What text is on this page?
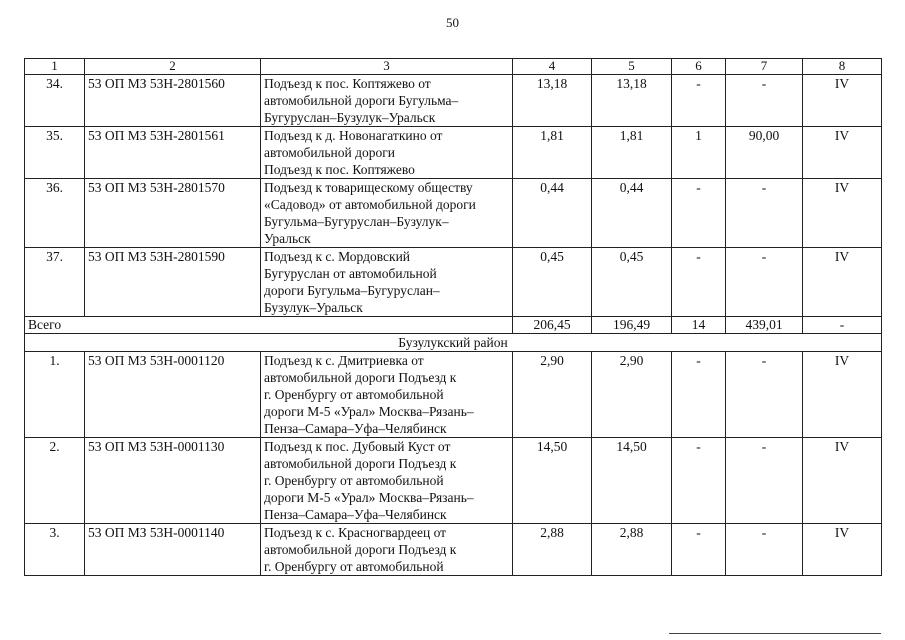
50
1	2	3	4	5	6	7	8
34.	53 ОП МЗ 53Н-2801560	Подъезд к пос. Коптяжево от
автомобильной дороги Бугульма–
Бугуруслан–Бузулук–Уральск	13,18	13,18	-	-	IV
35.	53 ОП МЗ 53Н-2801561	Подъезд к д. Новонагаткино от
автомобильной дороги
Подъезд к пос. Коптяжево	1,81	1,81	1	90,00	IV
36.	53 ОП МЗ 53Н-2801570	Подъезд к товарищескому обществу
«Садовод» от автомобильной дороги
Бугульма–Бугуруслан–Бузулук–
Уральск	0,44	0,44	-	-	IV
37.	53 ОП МЗ 53Н-2801590	Подъезд к с. Мордовский
Бугуруслан от автомобильной
дороги Бугульма–Бугуруслан–
Бузулук–Уральск	0,45	0,45	-	-	IV
Всего			206,45	196,49	14	439,01	-
Бузулукский район							
1.	53 ОП МЗ 53Н-0001120	Подъезд к с. Дмитриевка от
автомобильной дороги Подъезд к
г. Оренбургу от автомобильной
дороги М-5 «Урал» Москва–Рязань–
Пенза–Самара–Уфа–Челябинск	2,90	2,90	-	-	IV
2.	53 ОП МЗ 53Н-0001130	Подъезд к пос. Дубовый Куст от
автомобильной дороги Подъезд к
г. Оренбургу от автомобильной
дороги М-5 «Урал» Москва–Рязань–
Пенза–Самара–Уфа–Челябинск	14,50	14,50	-	-	IV
3.	53 ОП МЗ 53Н-0001140	Подъезд к с. Красногвардеец от
автомобильной дороги Подъезд к
г. Оренбургу от автомобильной	2,88	2,88	-	-	IV
